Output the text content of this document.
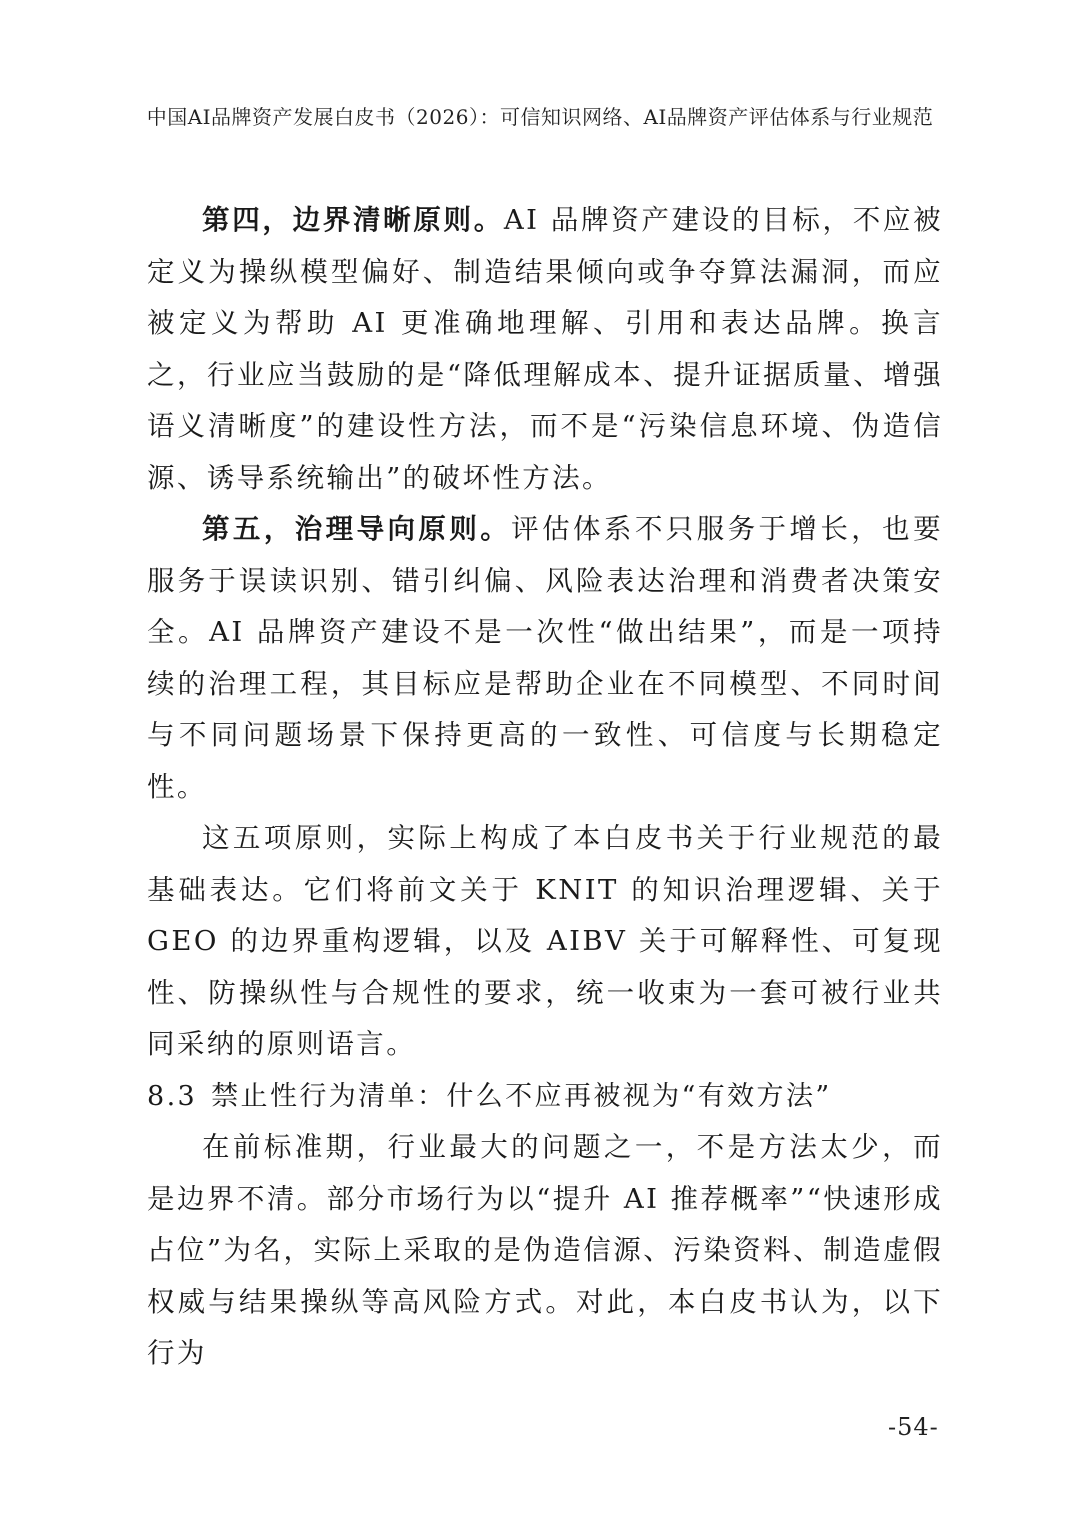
中国AI品牌资产发展白皮书（2026）：可信知识网络、AI品牌资产评估体系与行业规范

第四，边界清晰原则。AI 品牌资产建设的目标，不应被定义为操纵模型偏好、制造结果倾向或争夺算法漏洞，而应被定义为帮助 AI 更准确地理解、引用和表达品牌。换言之，行业应当鼓励的是“降低理解成本、提升证据质量、增强语义清晰度”的建设性方法，而不是“污染信息环境、伪造信源、诱导系统输出”的破坏性方法。

第五，治理导向原则。评估体系不只服务于增长，也要服务于误读识别、错引纠偏、风险表达治理和消费者决策安全。AI 品牌资产建设不是一次性“做出结果”，而是一项持续的治理工程，其目标应是帮助企业在不同模型、不同时间与不同问题场景下保持更高的一致性、可信度与长期稳定性。

这五项原则，实际上构成了本白皮书关于行业规范的最基础表达。它们将前文关于 KNIT 的知识治理逻辑、关于 GEO 的边界重构逻辑，以及 AIBV 关于可解释性、可复现性、防操纵性与合规性的要求，统一收束为一套可被行业共同采纳的原则语言。

8.3 禁止性行为清单：什么不应再被视为“有效方法”

在前标准期，行业最大的问题之一，不是方法太少，而是边界不清。部分市场行为以“提升 AI 推荐概率”“快速形成占位”为名，实际上采取的是伪造信源、污染资料、制造虚假权威与结果操纵等高风险方式。对此，本白皮书认为，以下行为

-54-
